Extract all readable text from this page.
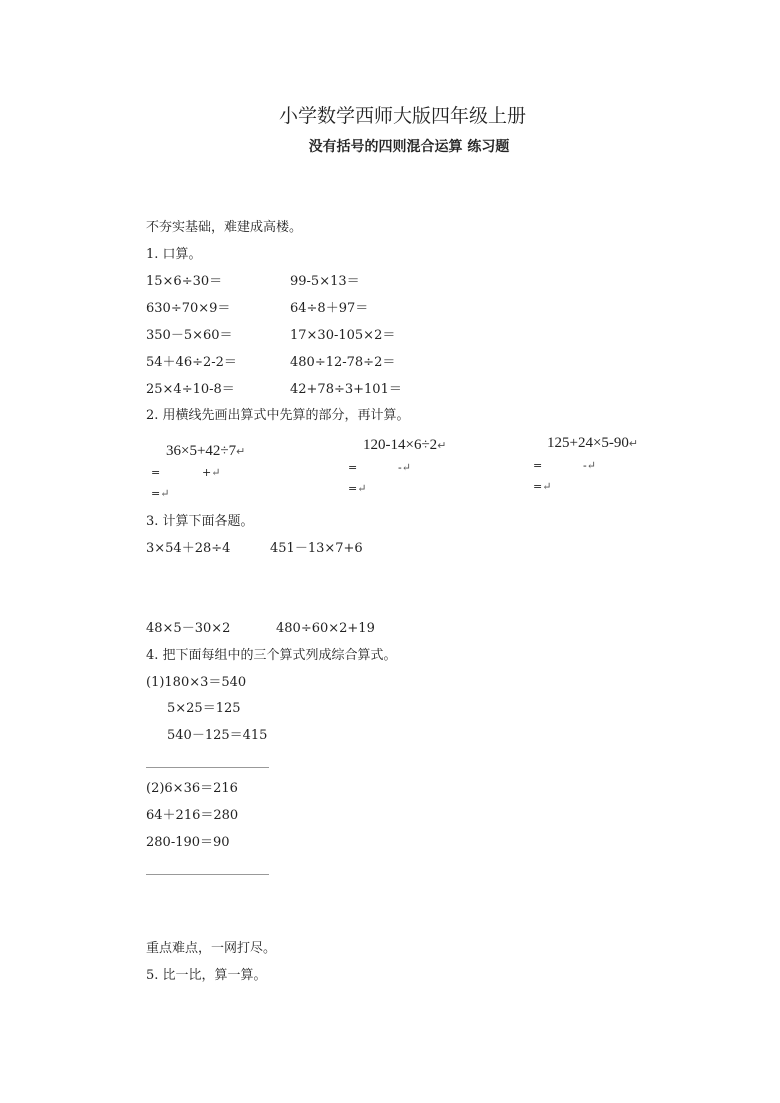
小学数学西师大版四年级上册
没有括号的四则混合运算 练习题
不夯实基础，难建成高楼。
1. 口算。
15×6÷30＝	99-5×13＝
630÷70×9＝	64÷8＋97＝
350－5×60＝	17×30-105×2＝
54＋46÷2-2＝	480÷12-78÷2＝
25×4÷10-8＝	42+78÷3+101＝
2. 用横线先画出算式中先算的部分，再计算。
36×5+42÷7↵
=	+↵
=↵
120-14×6÷2↵
=	-↵
=↵
125+24×5-90↵
=	-↵
=↵
3. 计算下面各题。
3×54＋28÷4	451－13×7+6
48×5－30×2	480÷60×2+19
4. 把下面每组中的三个算式列成综合算式。
(1)180×3＝540
5×25＝125
540－125＝415
(2)6×36＝216
64＋216＝280
280-190＝90
重点难点，一网打尽。
5. 比一比，算一算。
